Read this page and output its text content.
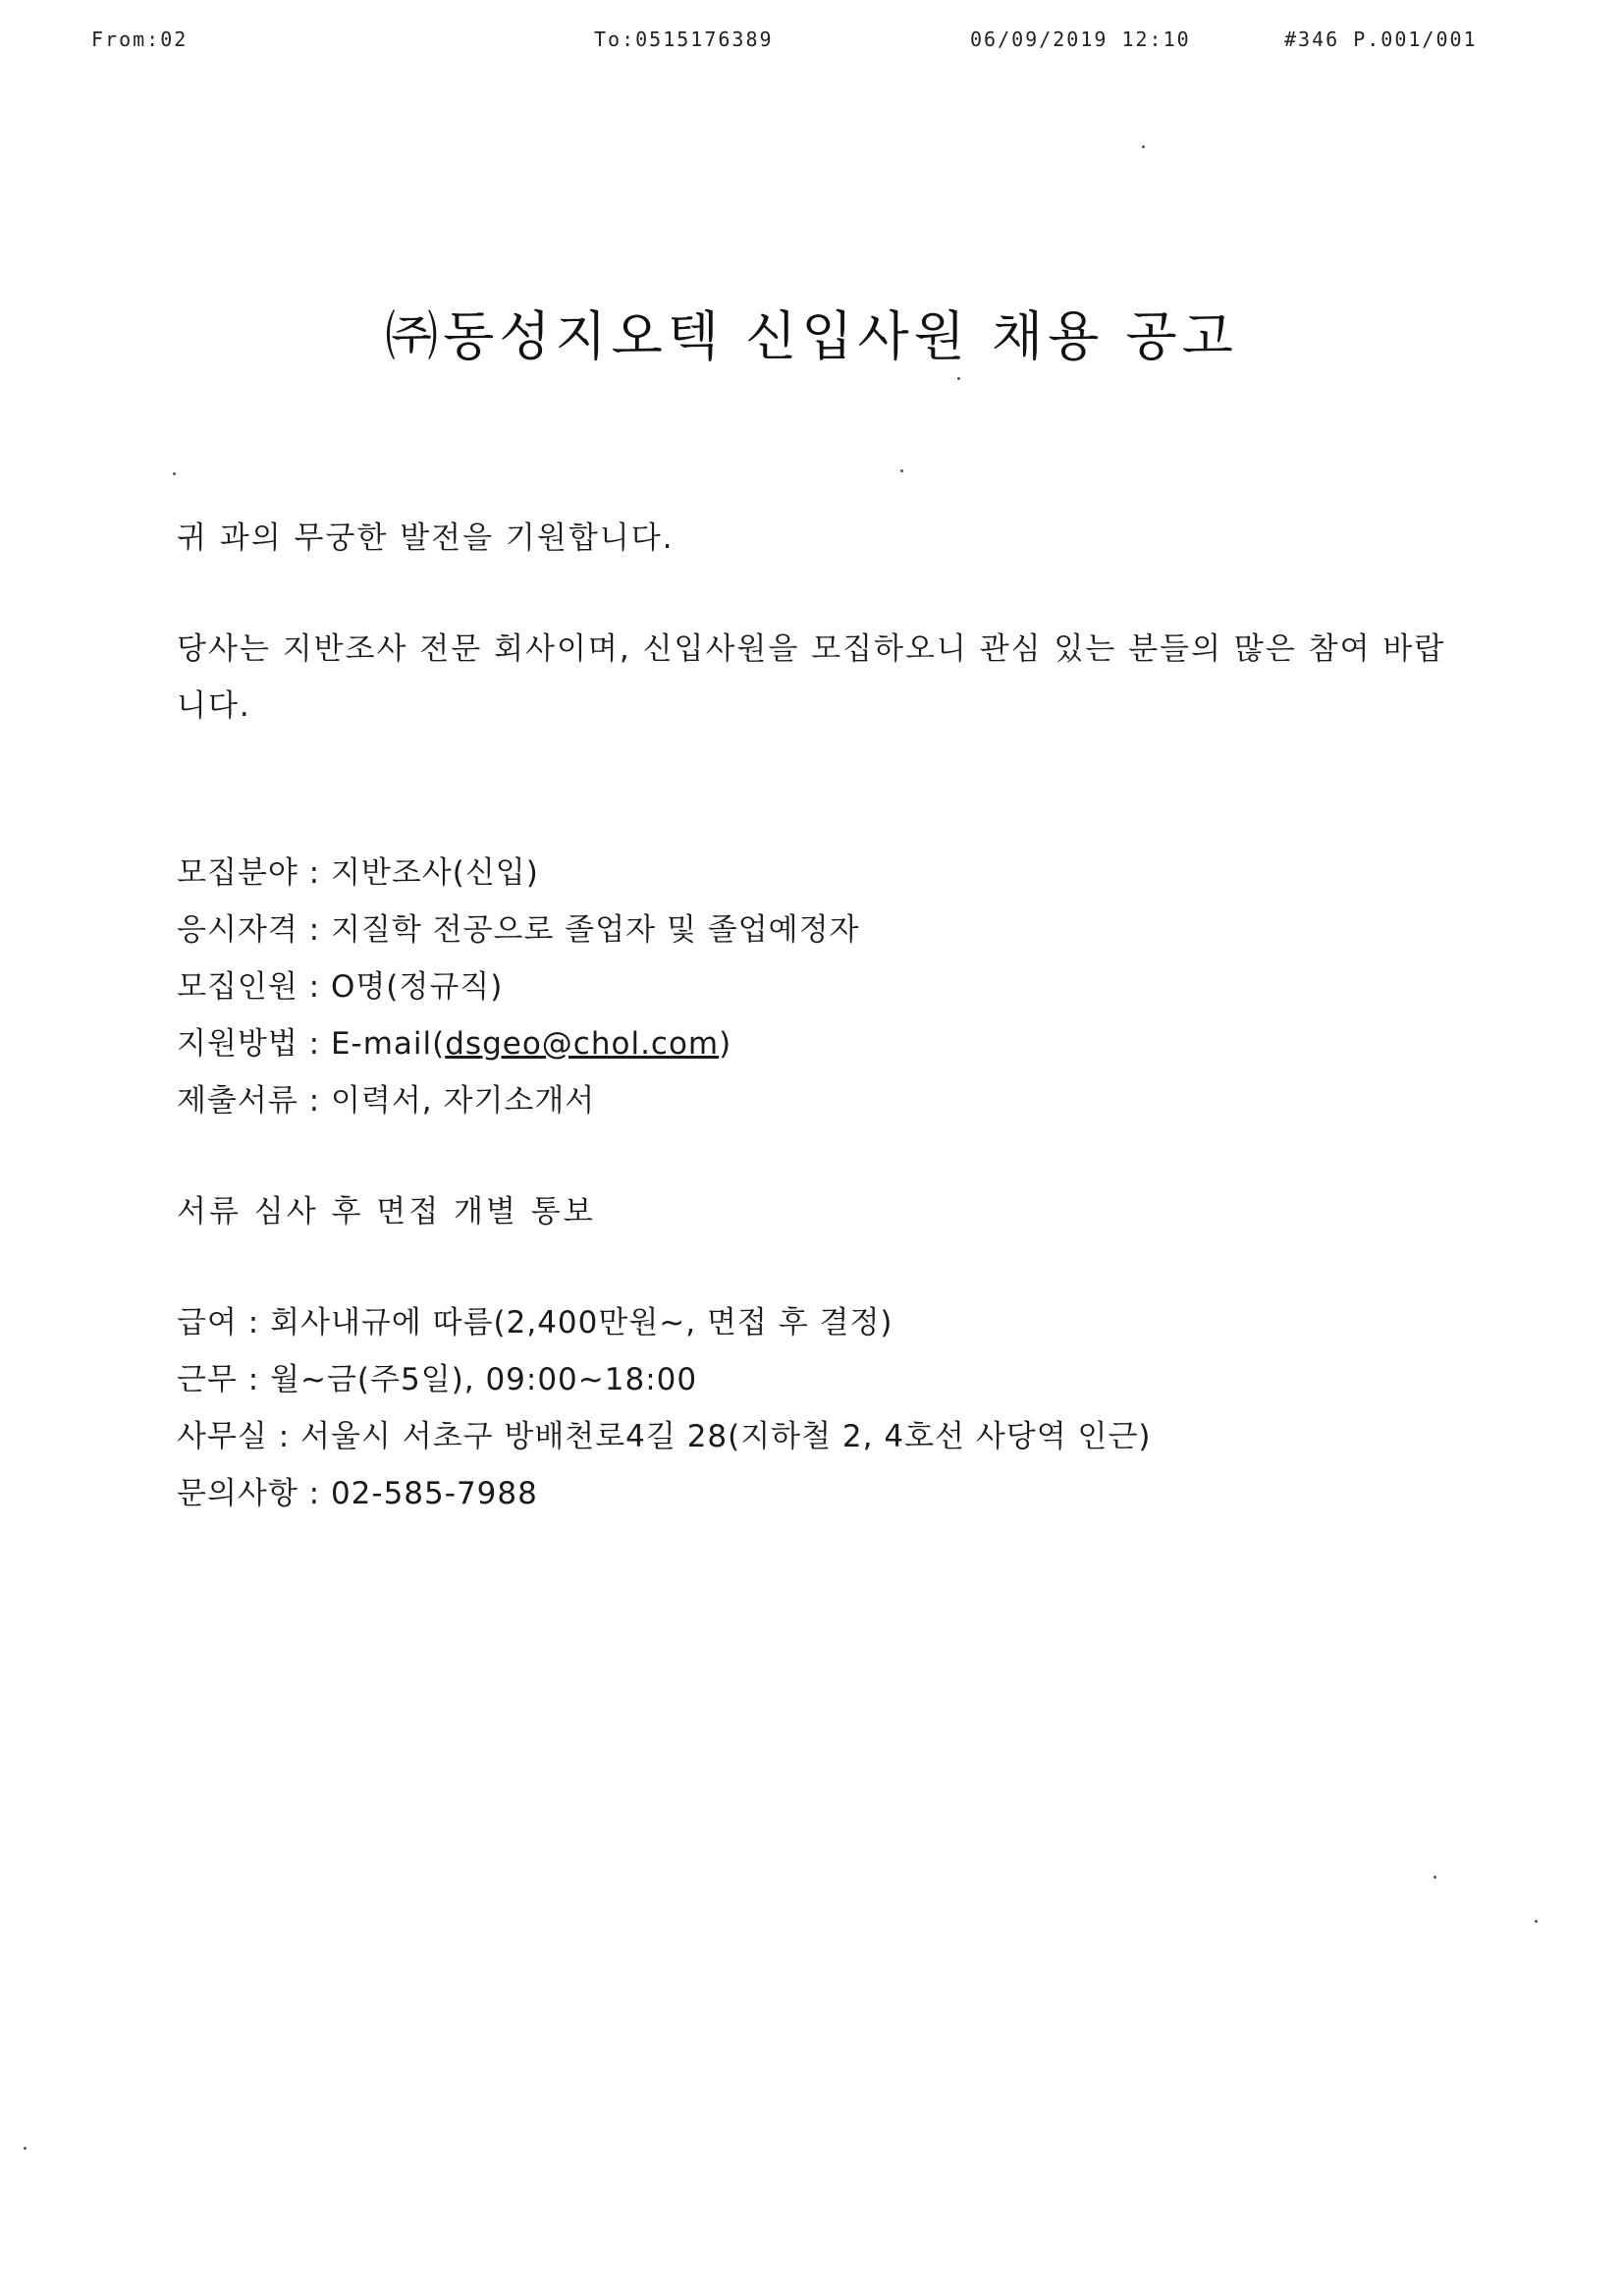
From:02	To:0515176389	06/09/2019 12:10	#346 P.001/001
㈜동성지오텍 신입사원 채용 공고
귀 과의 무궁한 발전을 기원합니다.
당사는 지반조사 전문 회사이며, 신입사원을 모집하오니 관심 있는 분들의 많은 참여 바랍니다.
모집분야 : 지반조사(신입)
응시자격 : 지질학 전공으로 졸업자 및 졸업예정자
모집인원 : O명(정규직)
지원방법 : E-mail(dsgeo@chol.com)
제출서류 : 이력서, 자기소개서
서류 심사 후 면접 개별 통보
급여 : 회사내규에 따름(2,400만원~, 면접 후 결정)
근무 : 월~금(주5일), 09:00~18:00
사무실 : 서울시 서초구 방배천로4길 28(지하철 2, 4호선 사당역 인근)
문의사항 : 02-585-7988
